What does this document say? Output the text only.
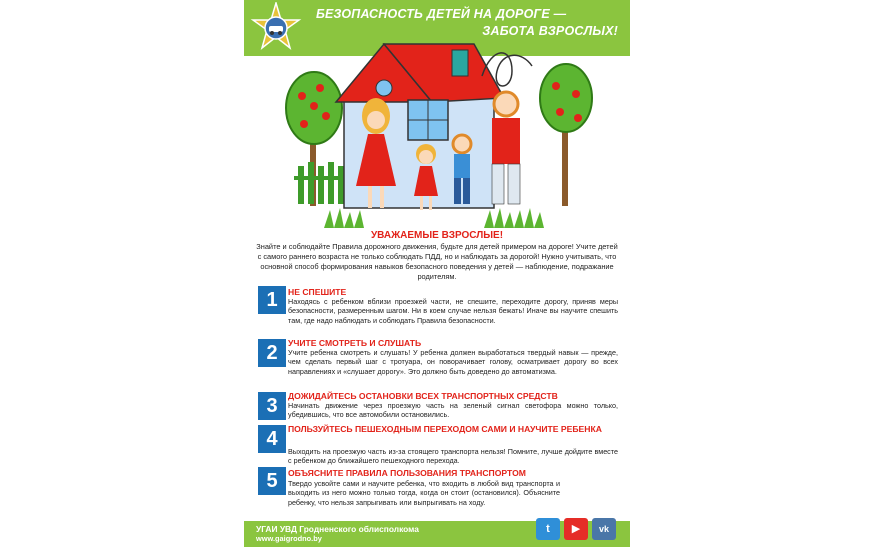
БЕЗОПАСНОСТЬ ДЕТЕЙ НА ДОРОГЕ —
ЗАБОТА ВЗРОСЛЫХ!
УВАЖАЕМЫЕ ВЗРОСЛЫЕ!
Знайте и соблюдайте Правила дорожного движения, будьте для детей примером на дороге! Учите детей с самого раннего возраста не только соблюдать ПДД, но и наблюдать за дорогой! Нужно учитывать, что основной способ формирования навыков безопасного поведения у детей — наблюдение, подражание родителям.
1	НЕ СПЕШИТЕ
Находясь с ребенком вблизи проезжей части, не спешите, переходите дорогу, приняв меры безопасности, размеренным шагом. Ни в коем случае нельзя бежать! Иначе вы научите спешить там, где надо наблюдать и соблюдать Правила безопасности.
2	УЧИТЕ СМОТРЕТЬ И СЛУШАТЬ
Учите ребенка смотреть и слушать! У ребенка должен выработаться твердый навык — прежде, чем сделать первый шаг с тротуара, он поворачивает голову, осматривает дорогу во всех направлениях и «слушает дорогу». Это должно быть доведено до автоматизма.
3	ДОЖИДАЙТЕСЬ ОСТАНОВКИ ВСЕХ ТРАНСПОРТНЫХ СРЕДСТВ
Начинать движение через проезжую часть на зеленый сигнал светофора можно только, убедившись, что все автомобили остановились.
4	ПОЛЬЗУЙТЕСЬ ПЕШЕХОДНЫМ ПЕРЕХОДОМ САМИ И НАУЧИТЕ РЕБЕНКА
Выходить на проезжую часть из-за стоящего транспорта нельзя! Помните, лучше дойдите вместе с ребенком до ближайшего пешеходного перехода.
5	ОБЪЯСНИТЕ ПРАВИЛА ПОЛЬЗОВАНИЯ ТРАНСПОРТОМ
Твердо усвойте сами и научите ребенка, что входить в любой вид транспорта и выходить из него можно только тогда, когда он стоит (остановился). Объясните ребенку, что нельзя запрыгивать или выпрыгивать на ходу.
УГАИ УВД Гродненского облисполкома
www.gaigrodno.by
t	▶	vk
